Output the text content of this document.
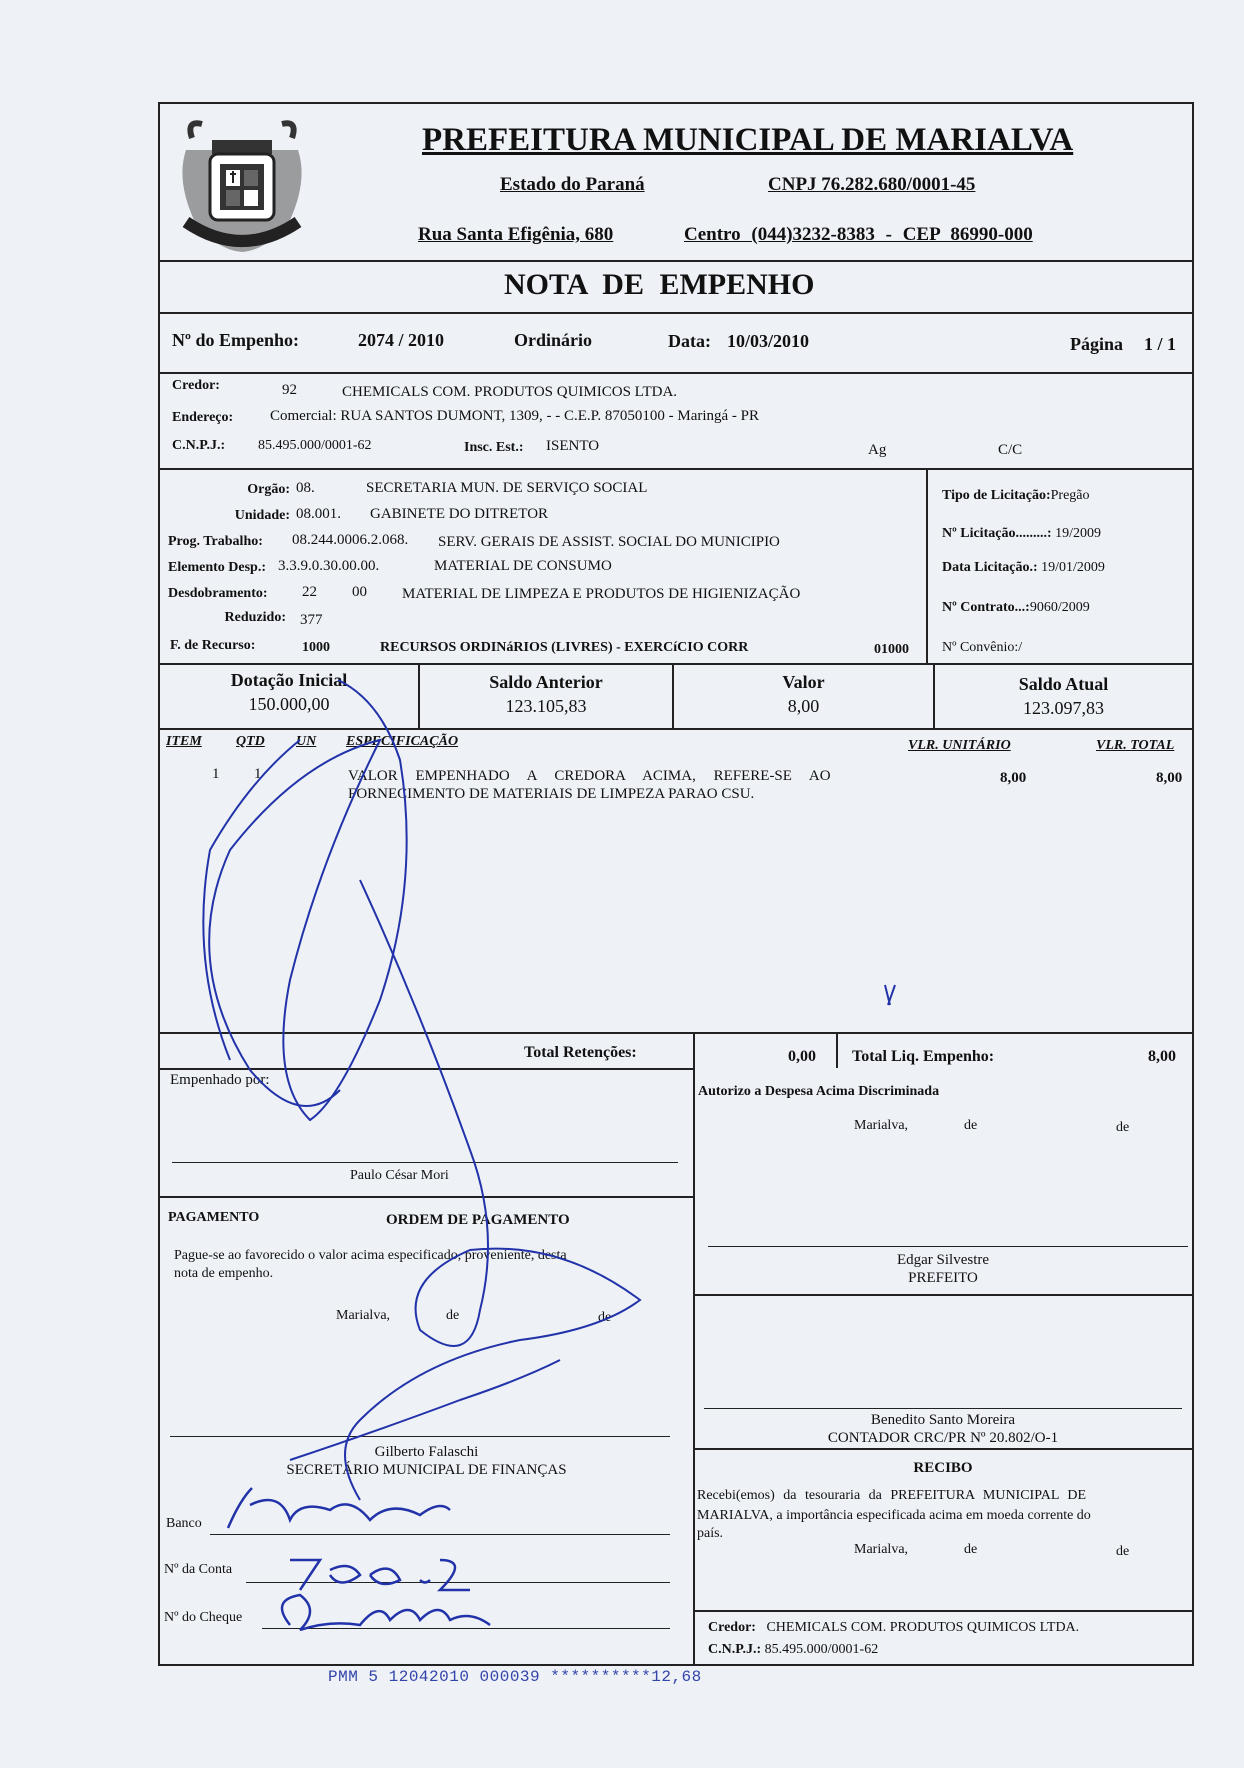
PREFEITURA MUNICIPAL DE MARIALVA
Estado do Paraná	CNPJ 76.282.680/0001-45
Rua Santa Efigênia, 680	Centro (044)3232-8383 - CEP 86990-000
NOTA DE EMPENHO
Nº do Empenho:	2074 / 2010	Ordinário	Data: 10/03/2010	Página 1 / 1
Credor:	92	CHEMICALS COM. PRODUTOS QUIMICOS LTDA.
Endereço: Comercial: RUA SANTOS DUMONT, 1309, - - C.E.P. 87050100 - Maringá - PR
C.N.P.J.: 85.495.000/0001-62	Insc. Est.: ISENTO	Ag	C/C
Orgão: 08.	SECRETARIA MUN. DE SERVIÇO SOCIAL
Unidade: 08.001. GABINETE DO DITRETOR
Prog. Trabalho: 08.244.0006.2.068. SERV. GERAIS DE ASSIST. SOCIAL DO MUNICIPIO
Elemento Desp.: 3.3.9.0.30.00.00.	MATERIAL DE CONSUMO
Desdobramento: 22 00 MATERIAL DE LIMPEZA E PRODUTOS DE HIGIENIZAÇÃO
Reduzido: 377
F. de Recurso:	1000	RECURSOS ORDINáRIOS (LIVRES) - EXERCíCIO CORR	01000
Tipo de Licitação:Pregão
Nº Licitação.........: 19/2009
Data Licitação.: 19/01/2009
Nº Contrato...:9060/2009
Nº Convênio:/
Dotação Inicial
150.000,00
Saldo Anterior
123.105,83
Valor
8,00
Saldo Atual
123.097,83
ITEM QTD UN ESPECIFICAÇÃO	VLR. UNITÁRIO	VLR. TOTAL
1 1	VALOR EMPENHADO A CREDORA ACIMA, REFERE-SE AO
FORNECIMENTO DE MATERIAIS DE LIMPEZA PARAO CSU.
8,00	8,00
Total Retenções:	0,00 Total Liq. Empenho:	8,00
Empenhado por:
Paulo César Mori
Autorizo a Despesa Acima Discriminada
Marialva,	de	de
Edgar Silvestre
PREFEITO
Benedito Santo Moreira
CONTADOR CRC/PR Nº 20.802/O-1
PAGAMENTO	ORDEM DE PAGAMENTO
Pague-se ao favorecido o valor acima especificado, proveniente, desta
nota de empenho.
Marialva,	de	de
Gilberto Falaschi
SECRETÁRIO MUNICIPAL DE FINANÇAS
Banco
Nº da Conta
Nº do Cheque
RECIBO
Recebi(emos) da tesouraria da PREFEITURA MUNICIPAL DE
MARIALVA, a importância especificada acima em moeda corrente do
país.
Marialva,	de	de
Credor: CHEMICALS COM. PRODUTOS QUIMICOS LTDA.
C.N.P.J.: 85.495.000/0001-62
PMM 5 12042010 000039 **********12,68
